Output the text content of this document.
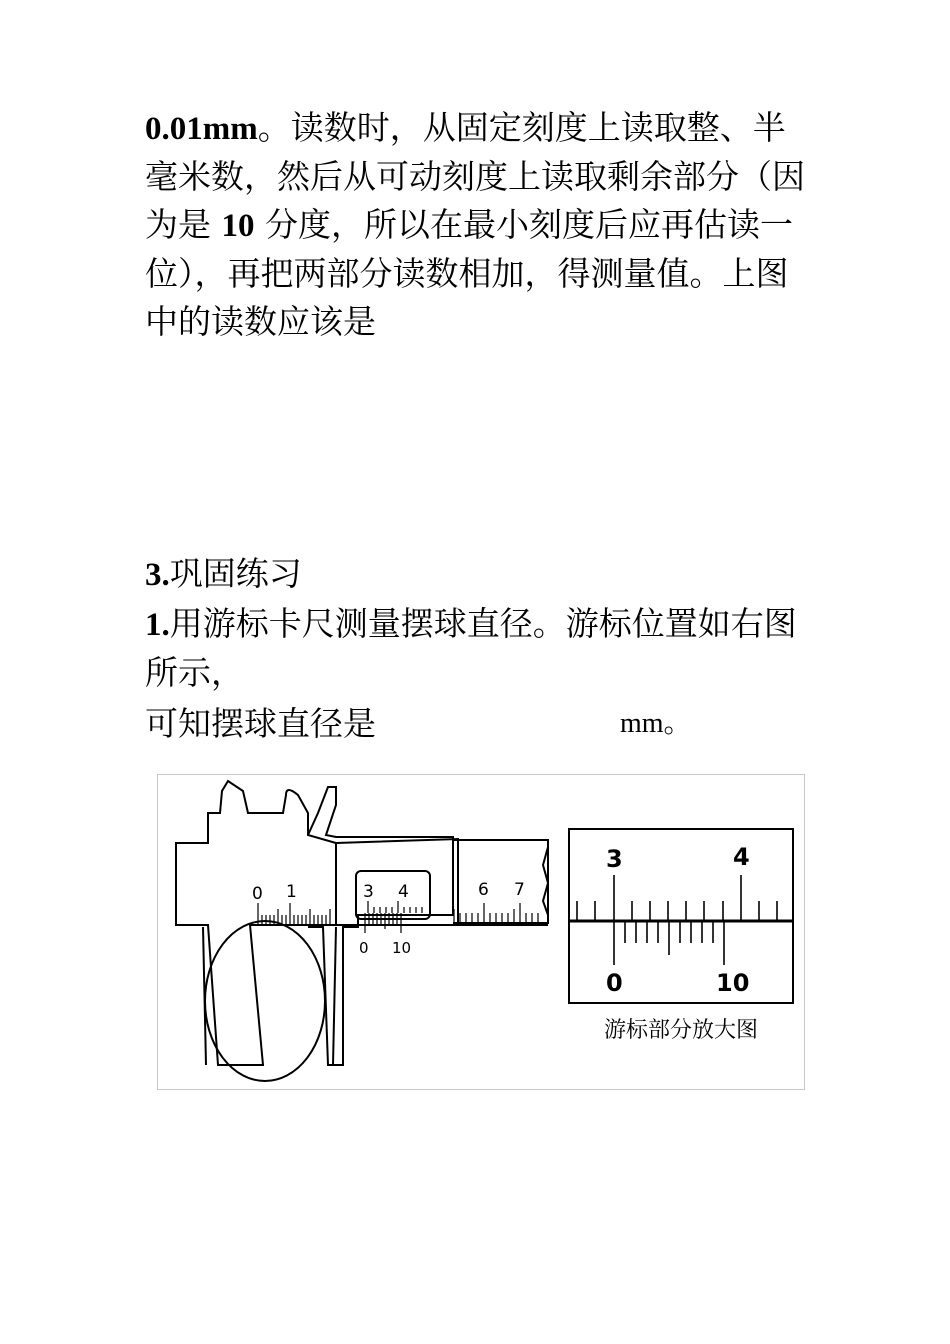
0.01mm。读数时，从固定刻度上读取整、半毫米数，然后从可动刻度上读取剩余部分（因为是 10 分度，所以在最小刻度后应再估读一位），再把两部分读数相加，得测量值。上图中的读数应该是

3.巩固练习

1.用游标卡尺测量摆球直径。游标位置如右图所示，

可知摆球直径是	mm。
0 1	3 4	6 7
0 10
3	4
0	10
游标部分放大图
